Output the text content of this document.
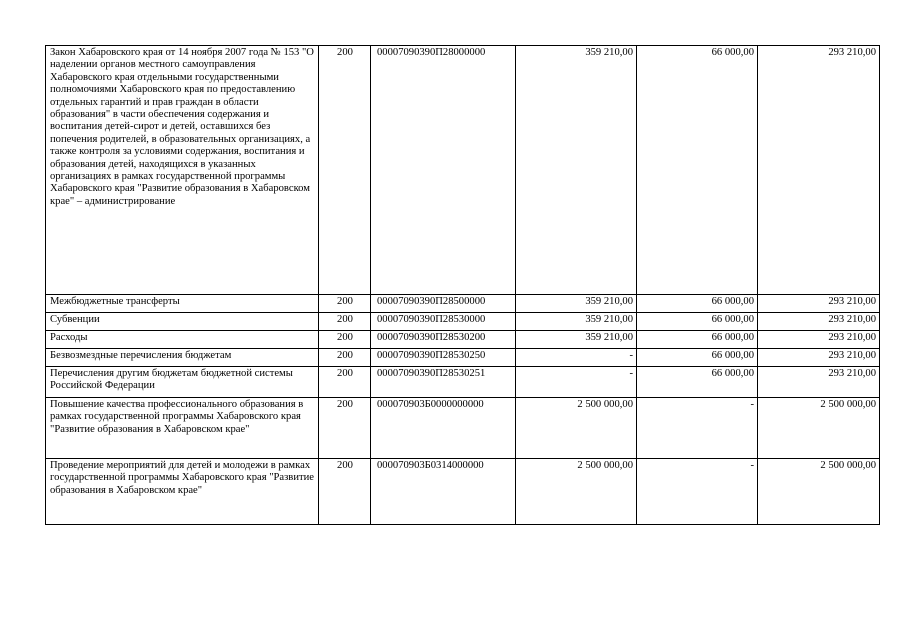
Закон Хабаровского края от 14 ноября 2007 года № 153 "О наделении органов местного самоуправления Хабаровского края отдельными государственными полномочиями Хабаровского края по предоставлению отдельных гарантий и прав граждан в области образования" в части обеспечения содержания и воспитания детей-сирот и детей, оставшихся без попечения родителей, в образовательных организациях, а также контроля за условиями содержания, воспитания и образования детей, находящихся в указанных организациях в рамках государственной программы Хабаровского края "Развитие образования в Хабаровском крае" – администрирование	200	00007090390П28000000	359 210,00	66 000,00	293 210,00
Межбюджетные трансферты	200	00007090390П28500000	359 210,00	66 000,00	293 210,00
Субвенции	200	00007090390П28530000	359 210,00	66 000,00	293 210,00
Расходы	200	00007090390П28530200	359 210,00	66 000,00	293 210,00
Безвозмездные перечисления бюджетам	200	00007090390П28530250	-	66 000,00	293 210,00
Перечисления другим бюджетам бюджетной системы Российской Федерации	200	00007090390П28530251	-	66 000,00	293 210,00
Повышение качества профессионального образования в рамках государственной программы Хабаровского края "Развитие образования в Хабаровском крае"	200	000070903Б0000000000	2 500 000,00	-	2 500 000,00
Проведение мероприятий для детей и молодежи в рамках государственной программы Хабаровского края "Развитие образования в Хабаровском крае"	200	000070903Б0314000000	2 500 000,00	-	2 500 000,00
